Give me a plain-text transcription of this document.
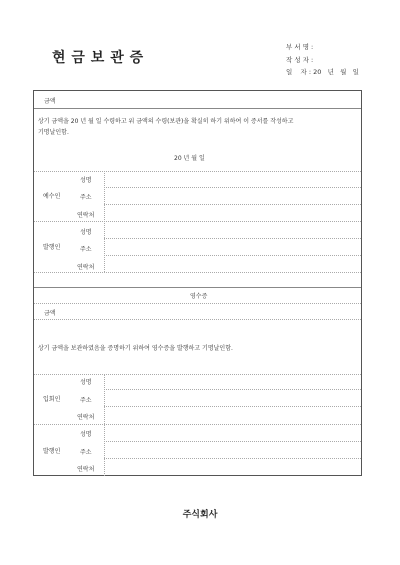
현 금 보 관 증
부 서 명 :
작 성 자 :
일    자 : 20   년   월   일
금액
상기 금액을 20 년 월 일 수령하고 위 금액의 수령(보관)을 확실히 하기 위하여 이 증서를 작성하고
기명날인함.
20 년 월 일
예수인
성명
주소
연락처
발행인
성명
주소
연락처
영수증
금액
상기 금액을 보관하였음을 증명하기 위하여 영수증을 발행하고 기명날인함.
입회인
성명
주소
연락처
발행인
성명
주소
연락처
주식회사
